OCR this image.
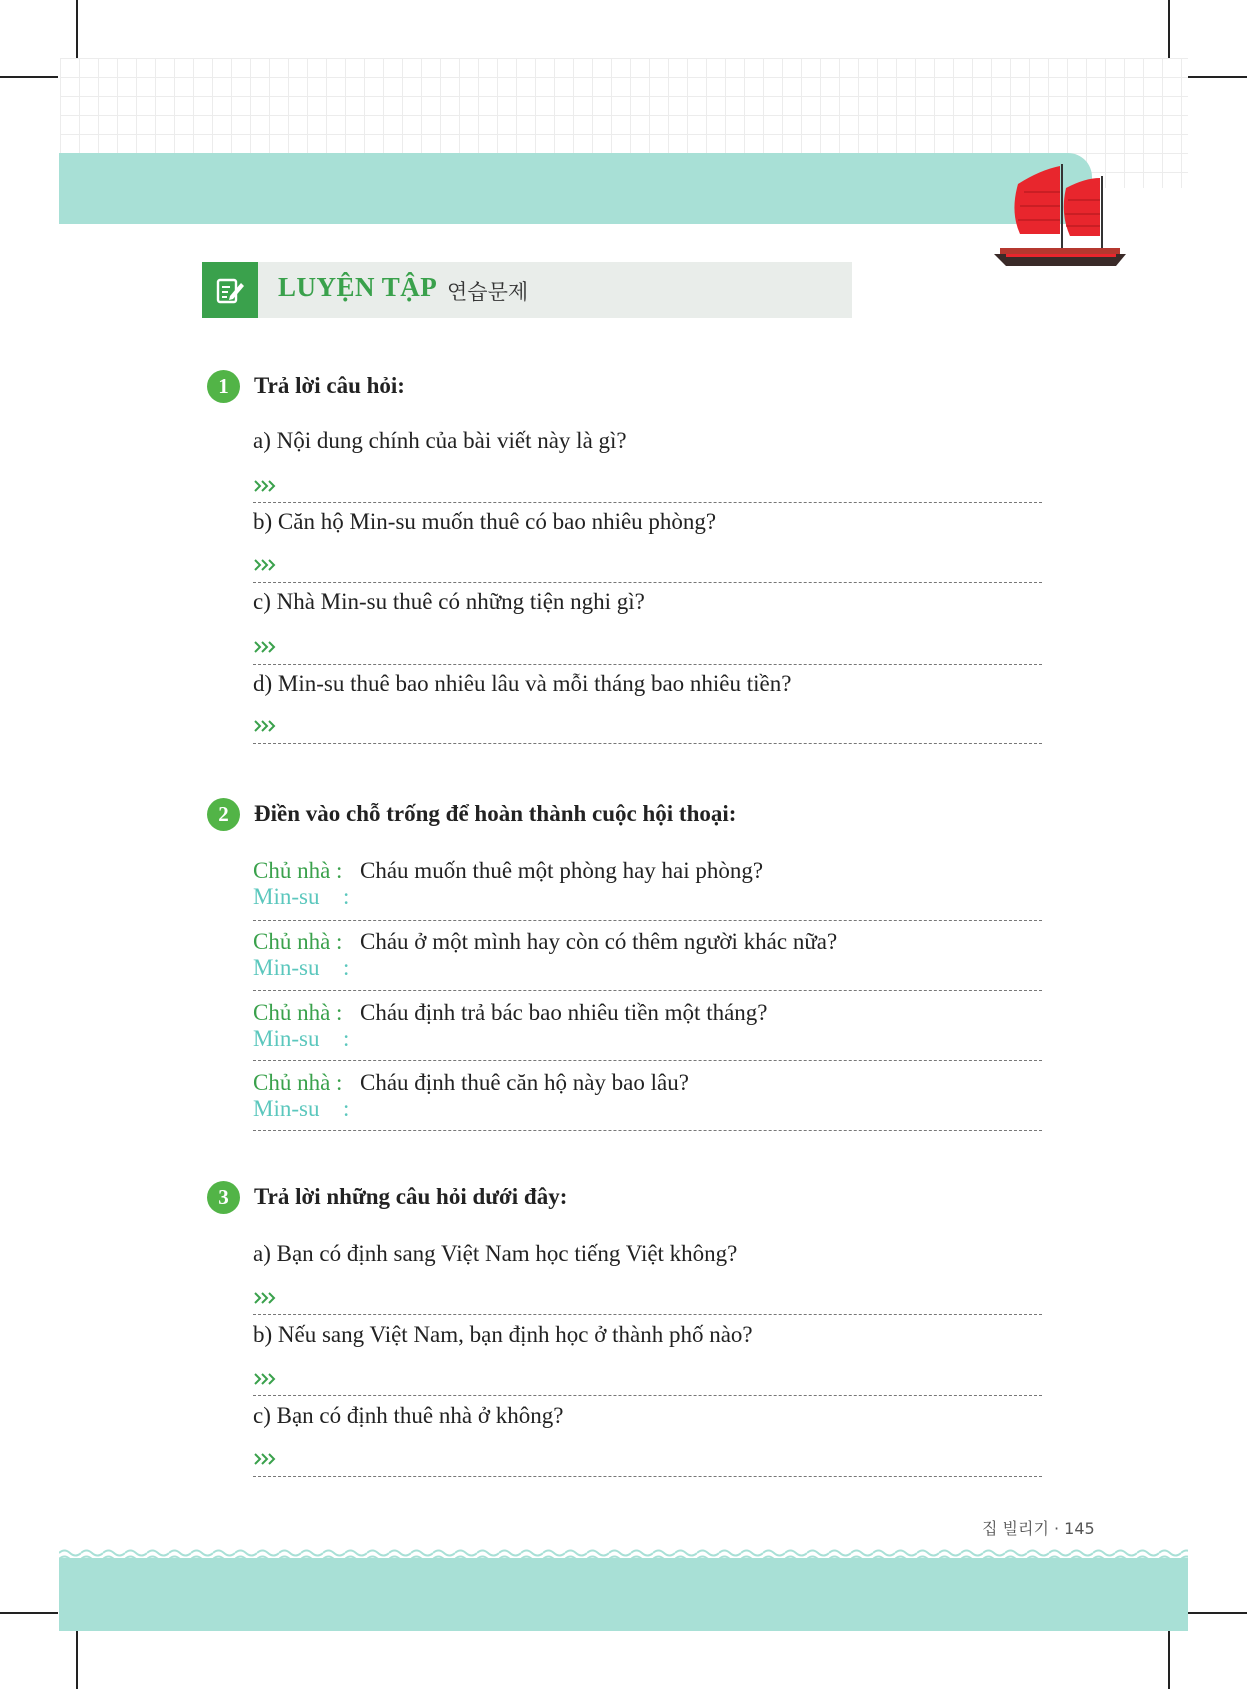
LUYỆN TẬP 연습문제
1	Trả lời câu hỏi:
a) Nội dung chính của bài viết này là gì?
b) Căn hộ Min-su muốn thuê có bao nhiêu phòng?
c) Nhà Min-su thuê có những tiện nghi gì?
d) Min-su thuê bao nhiêu lâu và mỗi tháng bao nhiêu tiền?
2	Điền vào chỗ trống để hoàn thành cuộc hội thoại:
Chủ nhà : Cháu muốn thuê một phòng hay hai phòng?
Min-su :
Chủ nhà : Cháu ở một mình hay còn có thêm người khác nữa?
Min-su :
Chủ nhà : Cháu định trả bác bao nhiêu tiền một tháng?
Min-su :
Chủ nhà : Cháu định thuê căn hộ này bao lâu?
Min-su :
3	Trả lời những câu hỏi dưới đây:
a) Bạn có định sang Việt Nam học tiếng Việt không?
b) Nếu sang Việt Nam, bạn định học ở thành phố nào?
c) Bạn có định thuê nhà ở không?
집 빌리기 · 145
